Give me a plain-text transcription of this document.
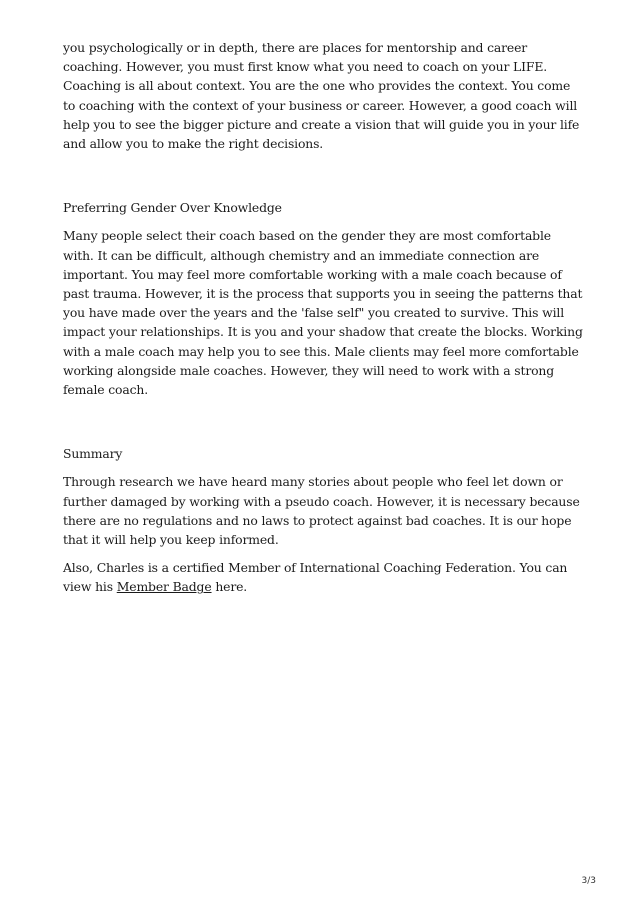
you psychologically or in depth, there are places for mentorship and career coaching. However, you must first know what you need to coach on your LIFE. Coaching is all about context. You are the one who provides the context. You come to coaching with the context of your business or career. However, a good coach will help you to see the bigger picture and create a vision that will guide you in your life and allow you to make the right decisions.

Preferring Gender Over Knowledge

Many people select their coach based on the gender they are most comfortable with. It can be difficult, although chemistry and an immediate connection are important. You may feel more comfortable working with a male coach because of past trauma. However, it is the process that supports you in seeing the patterns that you have made over the years and the 'false self" you created to survive. This will impact your relationships. It is you and your shadow that create the blocks. Working with a male coach may help you to see this. Male clients may feel more comfortable working alongside male coaches. However, they will need to work with a strong female coach.

Summary

Through research we have heard many stories about people who feel let down or further damaged by working with a pseudo coach. However, it is necessary because there are no regulations and no laws to protect against bad coaches. It is our hope that it will help you keep informed.

Also, Charles is a certified Member of International Coaching Federation. You can view his Member Badge here.

3/3
